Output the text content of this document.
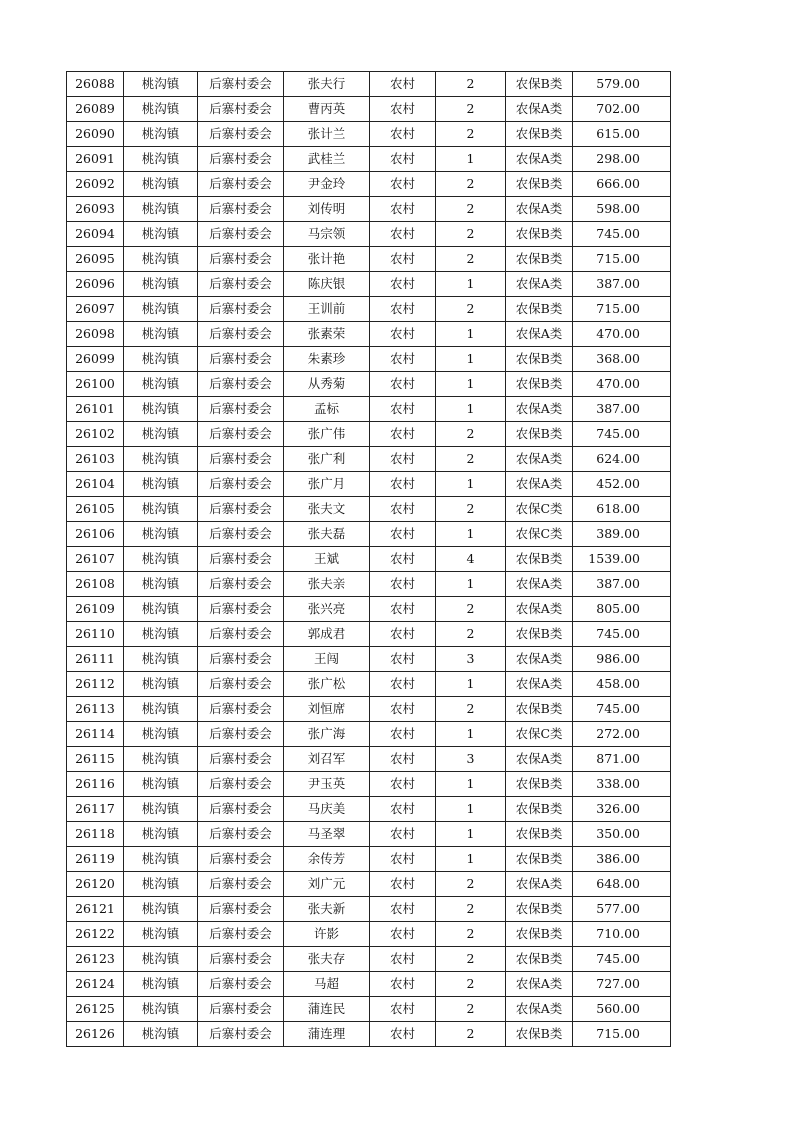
26088	桃沟镇	后寨村委会	张夫行	农村	2	农保B类	579.00
26089	桃沟镇	后寨村委会	曹丙英	农村	2	农保A类	702.00
26090	桃沟镇	后寨村委会	张计兰	农村	2	农保B类	615.00
26091	桃沟镇	后寨村委会	武桂兰	农村	1	农保A类	298.00
26092	桃沟镇	后寨村委会	尹金玲	农村	2	农保B类	666.00
26093	桃沟镇	后寨村委会	刘传明	农村	2	农保A类	598.00
26094	桃沟镇	后寨村委会	马宗领	农村	2	农保B类	745.00
26095	桃沟镇	后寨村委会	张计艳	农村	2	农保B类	715.00
26096	桃沟镇	后寨村委会	陈庆银	农村	1	农保A类	387.00
26097	桃沟镇	后寨村委会	王训前	农村	2	农保B类	715.00
26098	桃沟镇	后寨村委会	张素荣	农村	1	农保A类	470.00
26099	桃沟镇	后寨村委会	朱素珍	农村	1	农保B类	368.00
26100	桃沟镇	后寨村委会	从秀菊	农村	1	农保B类	470.00
26101	桃沟镇	后寨村委会	孟标	农村	1	农保A类	387.00
26102	桃沟镇	后寨村委会	张广伟	农村	2	农保B类	745.00
26103	桃沟镇	后寨村委会	张广利	农村	2	农保A类	624.00
26104	桃沟镇	后寨村委会	张广月	农村	1	农保A类	452.00
26105	桃沟镇	后寨村委会	张夫文	农村	2	农保C类	618.00
26106	桃沟镇	后寨村委会	张夫磊	农村	1	农保C类	389.00
26107	桃沟镇	后寨村委会	王斌	农村	4	农保B类	1539.00
26108	桃沟镇	后寨村委会	张夫亲	农村	1	农保A类	387.00
26109	桃沟镇	后寨村委会	张兴亮	农村	2	农保A类	805.00
26110	桃沟镇	后寨村委会	郭成君	农村	2	农保B类	745.00
26111	桃沟镇	后寨村委会	王闯	农村	3	农保A类	986.00
26112	桃沟镇	后寨村委会	张广松	农村	1	农保A类	458.00
26113	桃沟镇	后寨村委会	刘恒席	农村	2	农保B类	745.00
26114	桃沟镇	后寨村委会	张广海	农村	1	农保C类	272.00
26115	桃沟镇	后寨村委会	刘召军	农村	3	农保A类	871.00
26116	桃沟镇	后寨村委会	尹玉英	农村	1	农保B类	338.00
26117	桃沟镇	后寨村委会	马庆美	农村	1	农保B类	326.00
26118	桃沟镇	后寨村委会	马圣翠	农村	1	农保B类	350.00
26119	桃沟镇	后寨村委会	余传芳	农村	1	农保B类	386.00
26120	桃沟镇	后寨村委会	刘广元	农村	2	农保A类	648.00
26121	桃沟镇	后寨村委会	张夫新	农村	2	农保B类	577.00
26122	桃沟镇	后寨村委会	许影	农村	2	农保B类	710.00
26123	桃沟镇	后寨村委会	张夫存	农村	2	农保B类	745.00
26124	桃沟镇	后寨村委会	马超	农村	2	农保A类	727.00
26125	桃沟镇	后寨村委会	蒲连民	农村	2	农保A类	560.00
26126	桃沟镇	后寨村委会	蒲连理	农村	2	农保B类	715.00
